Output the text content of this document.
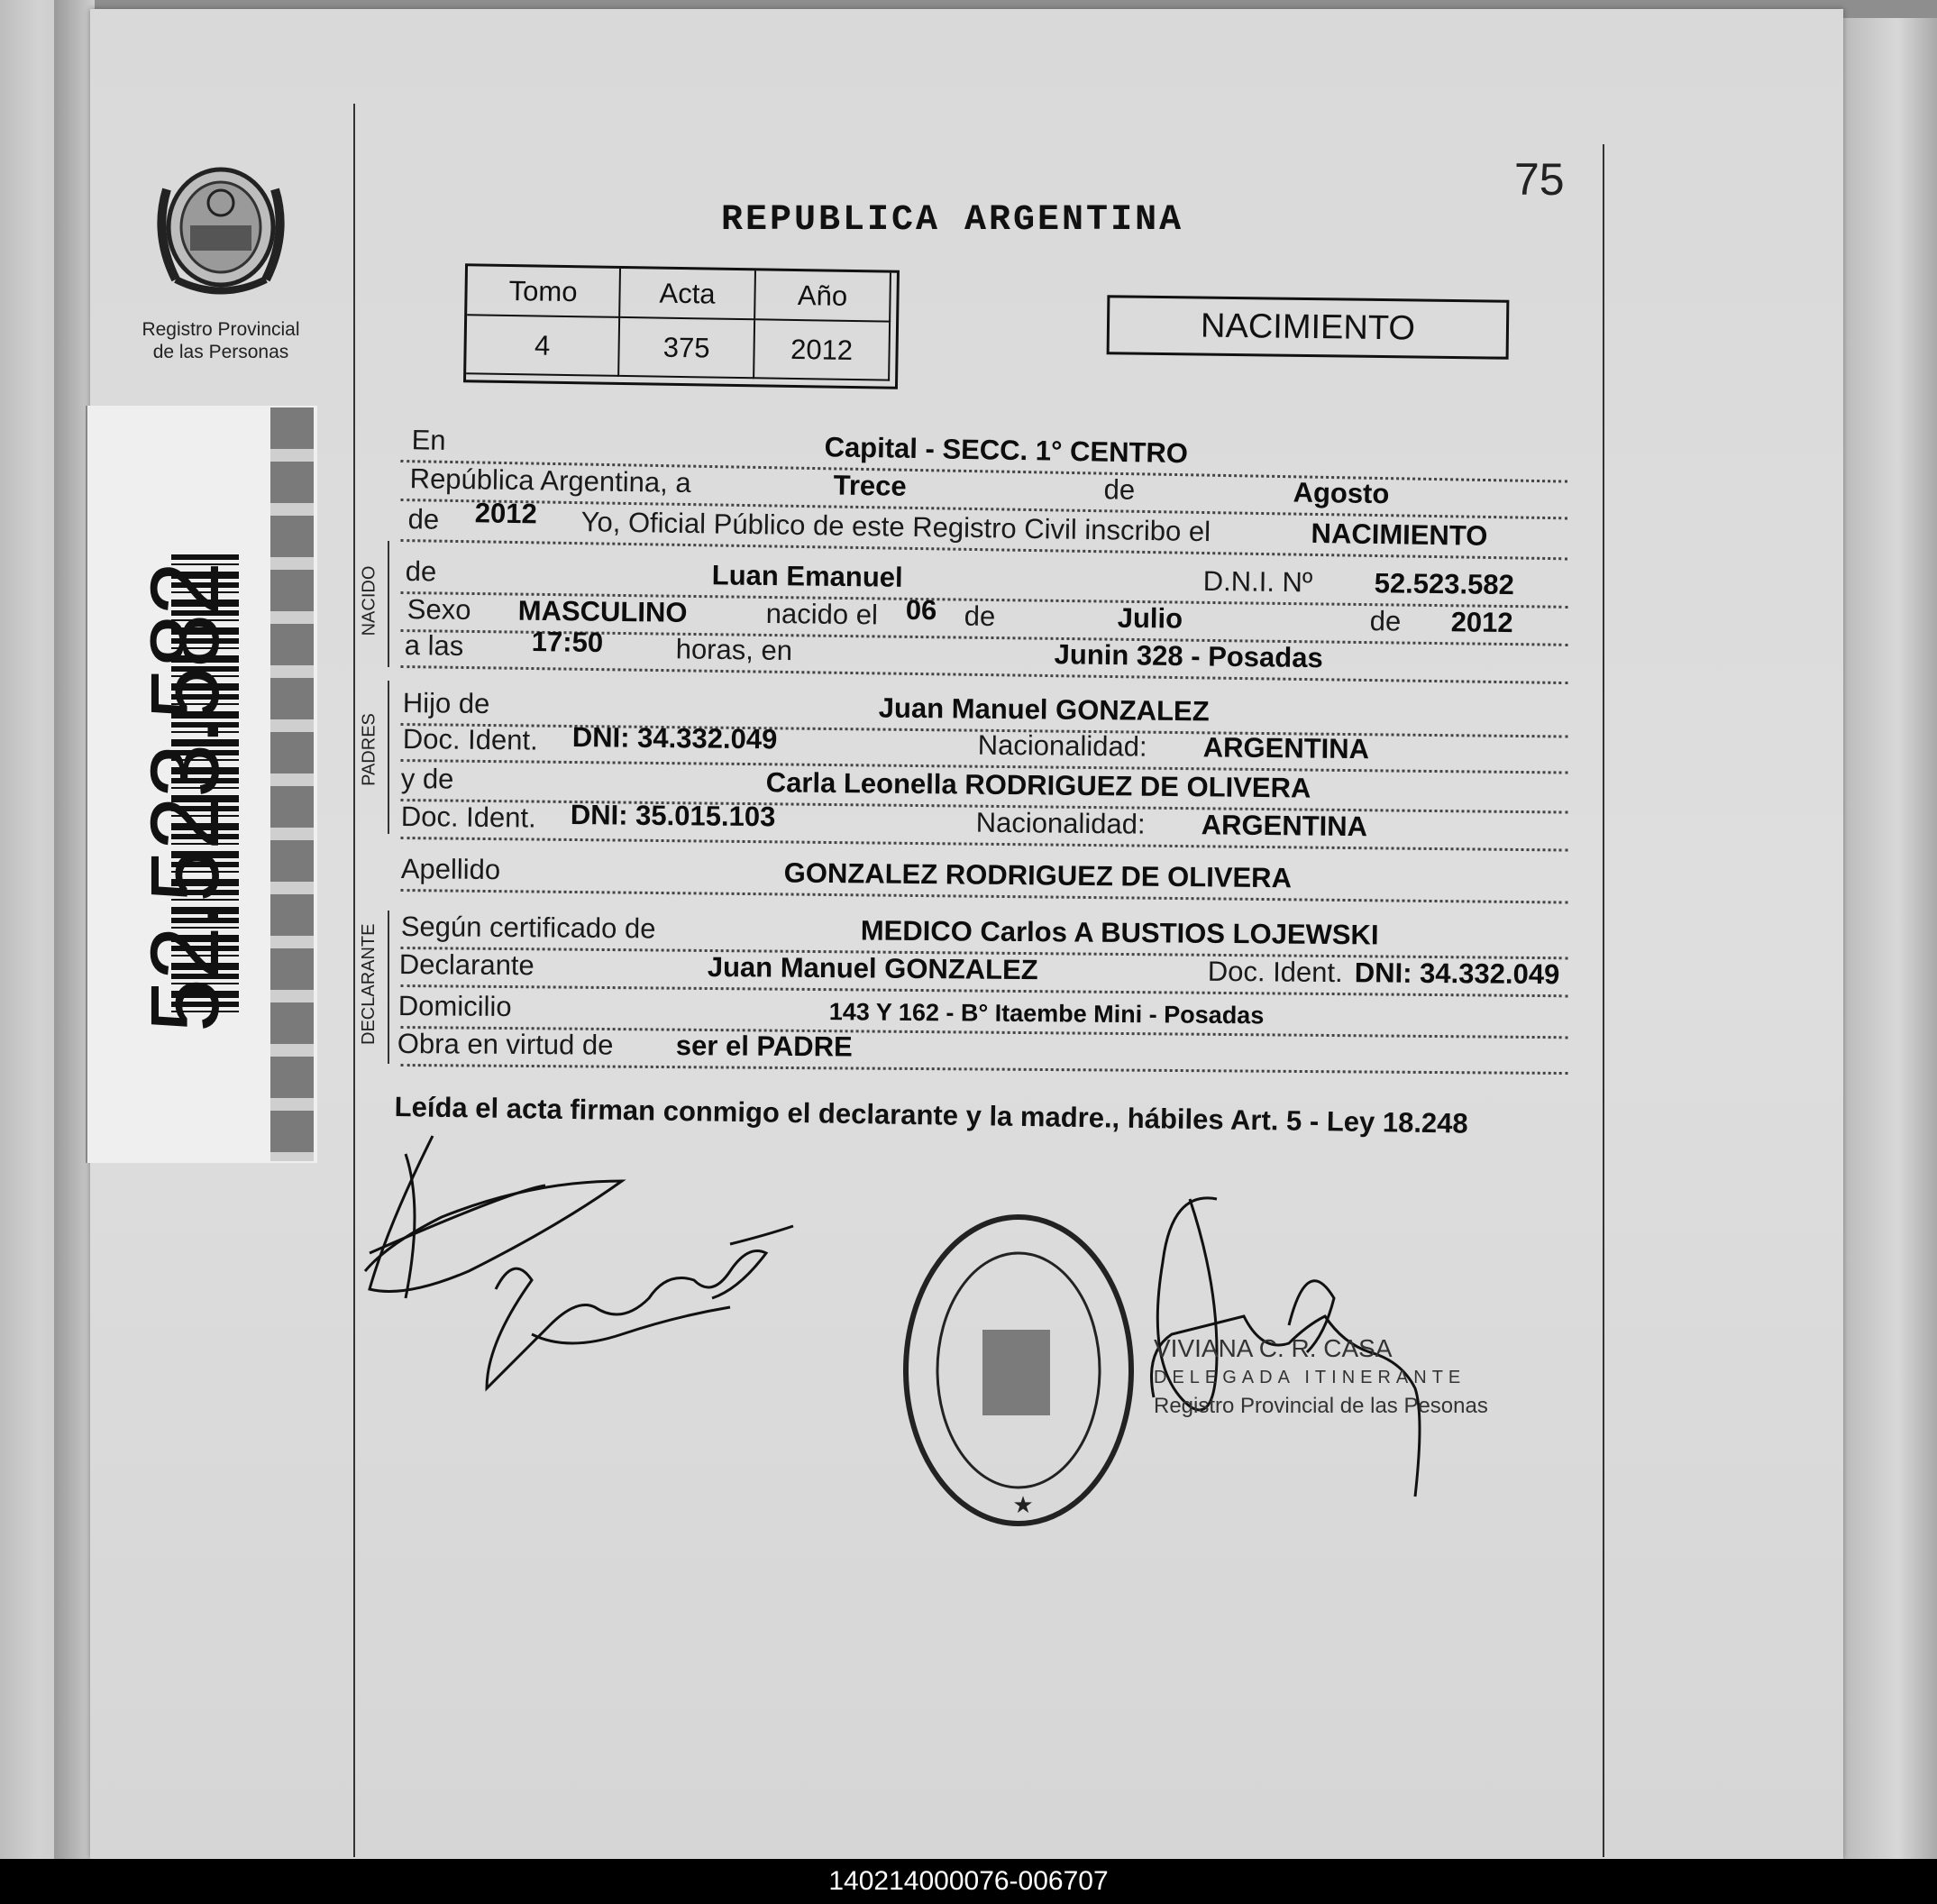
Registro Provincial
de las Personas
52.523.582
75
REPUBLICA ARGENTINA
Tomo	Acta	Año
4	375	2012
NACIMIENTO
En	Capital - SECC. 1° CENTRO
República Argentina, a	Trece	de	Agosto
de 2012 Yo, Oficial Público de este Registro Civil inscribo el	NACIMIENTO
de	Luan Emanuel	D.N.I. Nº 52.523.582
Sexo MASCULINO	nacido el 06 de	Julio	de 2012
a las 17:50	horas, en	Junin 328 - Posadas
Hijo de	Juan Manuel GONZALEZ
Doc. Ident. DNI: 34.332.049	Nacionalidad: ARGENTINA
y de	Carla Leonella RODRIGUEZ DE OLIVERA
Doc. Ident. DNI: 35.015.103	Nacionalidad: ARGENTINA
Apellido	GONZALEZ RODRIGUEZ DE OLIVERA
Según certificado de	MEDICO Carlos A BUSTIOS LOJEWSKI
Declarante	Juan Manuel GONZALEZ	Doc. Ident. DNI: 34.332.049
Domicilio	143 Y 162 - B° Itaembe Mini - Posadas
Obra en virtud de ser el PADRE
NACIDO
PADRES
DECLARANTE
Leída el acta firman conmigo el declarante y la madre., hábiles Art. 5 - Ley 18.248
★
VIVIANA C. R. CASA
DELEGADA ITINERANTE
Registro Provincial de las Pesonas
140214000076-006707
